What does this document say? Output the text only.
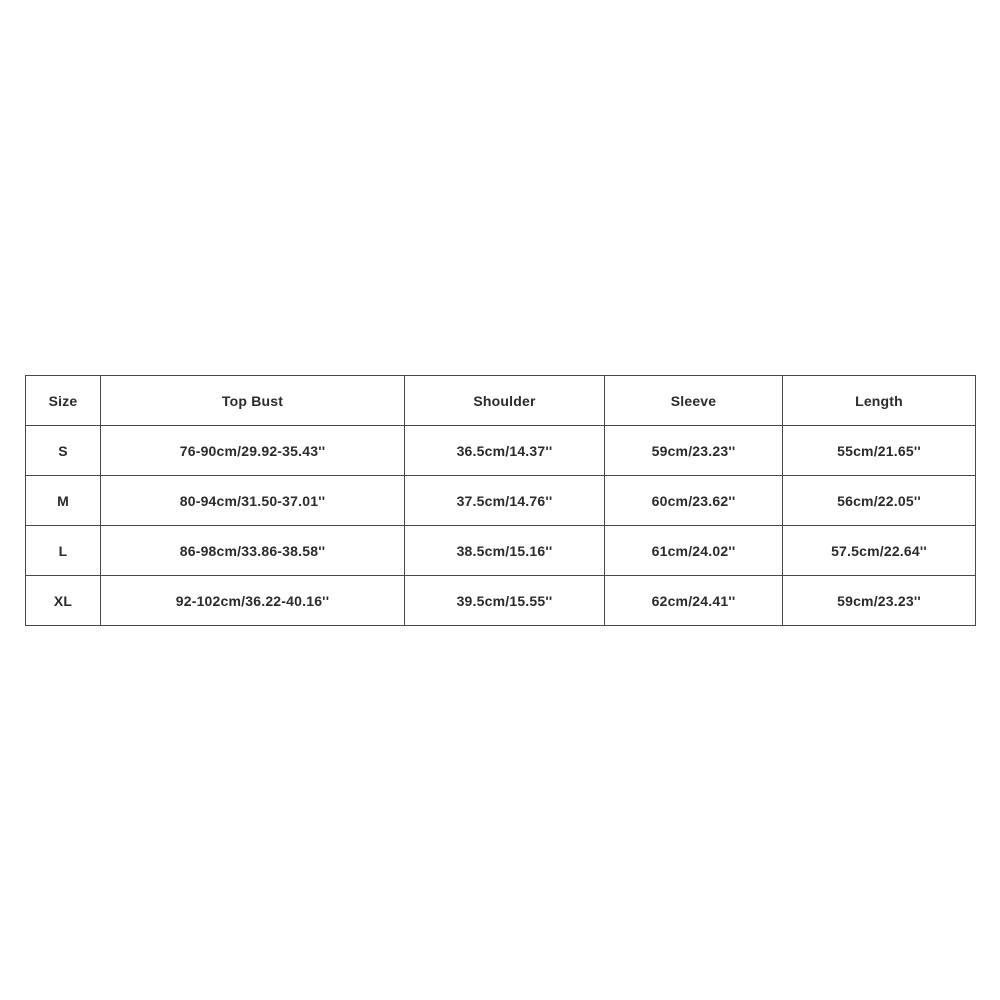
Size	Top Bust	Shoulder	Sleeve	Length
S	76-90cm/29.92-35.43''	36.5cm/14.37''	59cm/23.23''	55cm/21.65''
M	80-94cm/31.50-37.01''	37.5cm/14.76''	60cm/23.62''	56cm/22.05''
L	86-98cm/33.86-38.58''	38.5cm/15.16''	61cm/24.02''	57.5cm/22.64''
XL	92-102cm/36.22-40.16''	39.5cm/15.55''	62cm/24.41''	59cm/23.23''
